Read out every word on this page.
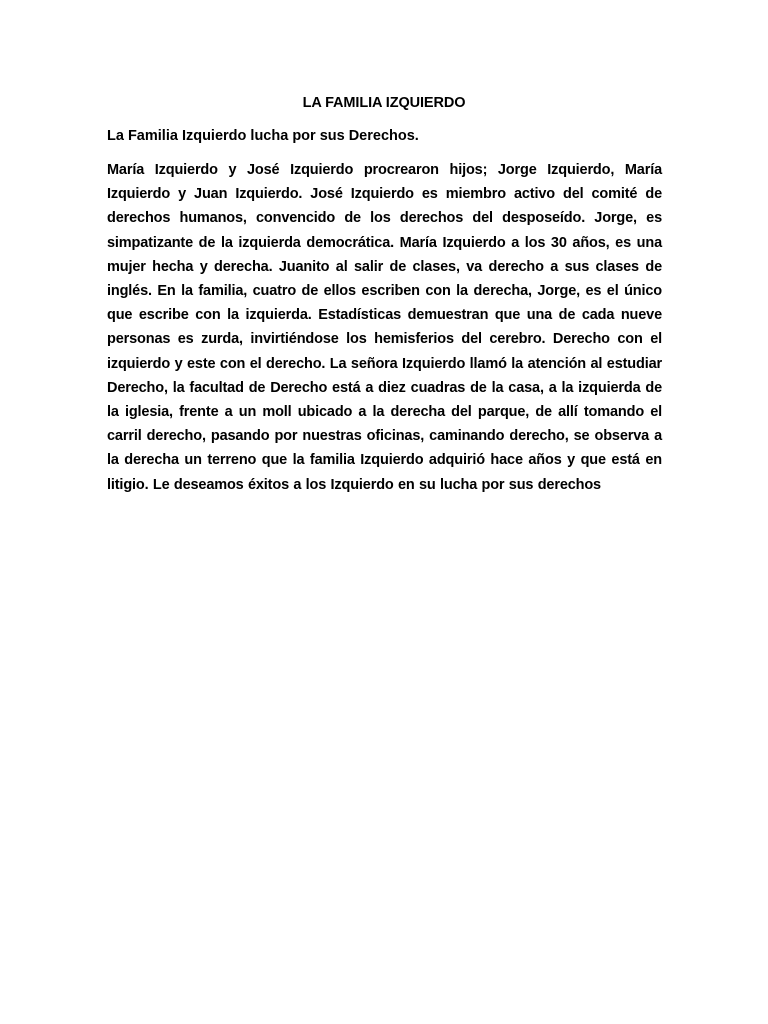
LA FAMILIA IZQUIERDO
La Familia Izquierdo lucha por sus Derechos.
María Izquierdo y José Izquierdo procrearon hijos; Jorge Izquierdo, María Izquierdo y Juan Izquierdo. José Izquierdo es miembro activo del comité de derechos humanos, convencido de los derechos del desposeído. Jorge, es simpatizante de la izquierda democrática. María Izquierdo a los 30 años, es una mujer hecha y derecha. Juanito al salir de clases, va derecho a sus clases de inglés. En la familia, cuatro de ellos escriben con la derecha, Jorge, es el único que escribe con la izquierda. Estadísticas demuestran que una de cada nueve personas es zurda, invirtiéndose los hemisferios del cerebro. Derecho con el izquierdo y este con el derecho. La señora Izquierdo llamó la atención al estudiar Derecho, la facultad de Derecho está a diez cuadras de la casa, a la izquierda de la iglesia, frente a un moll ubicado a la derecha del parque, de allí tomando el carril derecho, pasando por nuestras oficinas, caminando derecho, se observa a la derecha un terreno que la familia Izquierdo adquirió hace años y que está en litigio. Le deseamos éxitos a los Izquierdo en su lucha por sus derechos
